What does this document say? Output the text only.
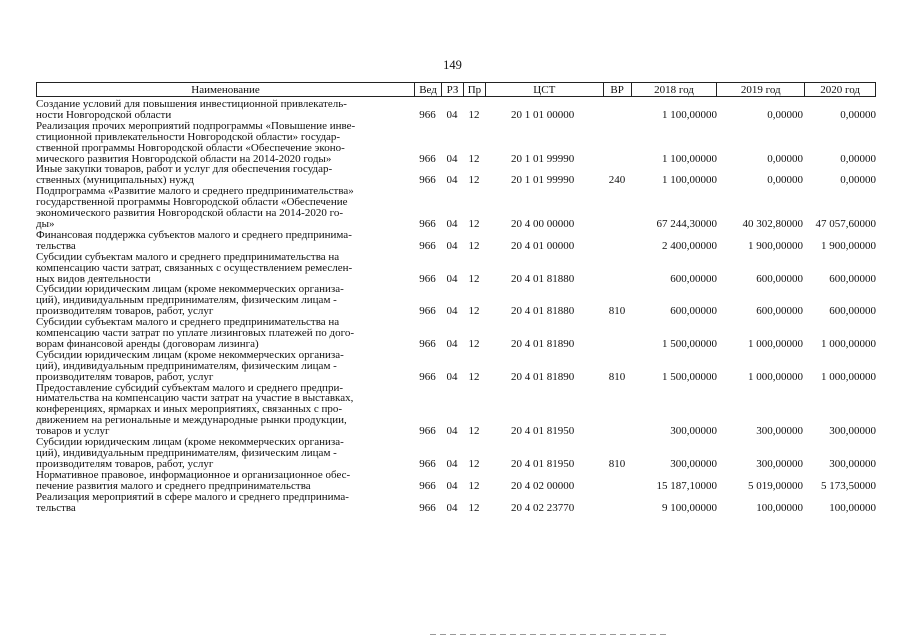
149
Наименование	Вед РЗ Пр	ЦСТ	ВР	2018 год	2019 год	2020 год
Создание условий для повышения инвестиционной привлекатель-
ности Новгородской области	966 04	12	20 1 01 00000	1 100,00000	0,00000	0,00000
Реализация прочих мероприятий подпрограммы «Повышение инве-
стиционной привлекательности Новгородской области» государ-
ственной программы Новгородской области «Обеспечение эконо-
мического развития Новгородской области на 2014-2020 годы»	966 04	12	20 1 01 99990	1 100,00000	0,00000	0,00000
Иные закупки товаров, работ и услуг для обеспечения государ-
ственных (муниципальных) нужд	966 04	12	20 1 01 99990	240	1 100,00000	0,00000	0,00000
Подпрограмма «Развитие малого и среднего предпринимательства»
государственной программы Новгородской области «Обеспечение
экономического развития Новгородской области на 2014-2020 го-
ды»	966 04	12	20 4 00 00000	67 244,30000	40 302,80000	47 057,60000
Финансовая поддержка субъектов малого и среднего предпринима-
тельства	966 04	12	20 4 01 00000	2 400,00000	1 900,00000	1 900,00000
Субсидии субъектам малого и среднего предпринимательства на
компенсацию части затрат, связанных с осуществлением ремеслен-
ных видов деятельности	966 04	12	20 4 01 81880	600,00000	600,00000	600,00000
Субсидии юридическим лицам (кроме некоммерческих организа-
ций), индивидуальным предпринимателям, физическим лицам -
производителям товаров, работ, услуг	966 04	12	20 4 01 81880	810	600,00000	600,00000	600,00000
Субсидии субъектам малого и среднего предпринимательства на
компенсацию части затрат по уплате лизинговых платежей по дого-
ворам финансовой аренды (договорам лизинга)	966 04	12	20 4 01 81890	1 500,00000	1 000,00000	1 000,00000
Субсидии юридическим лицам (кроме некоммерческих организа-
ций), индивидуальным предпринимателям, физическим лицам -
производителям товаров, работ, услуг	966 04	12	20 4 01 81890	810	1 500,00000	1 000,00000	1 000,00000
Предоставление субсидий субъектам малого и среднего предпри-
нимательства на компенсацию части затрат на участие в выставках,
конференциях, ярмарках и иных мероприятиях, связанных с про-
движением на региональные и международные рынки продукции,
товаров и услуг	966 04	12	20 4 01 81950	300,00000	300,00000	300,00000
Субсидии юридическим лицам (кроме некоммерческих организа-
ций), индивидуальным предпринимателям, физическим лицам -
производителям товаров, работ, услуг	966 04	12	20 4 01 81950	810	300,00000	300,00000	300,00000
Нормативное правовое, информационное и организационное обес-
печение развития малого и среднего предпринимательства	966 04	12	20 4 02 00000	15 187,10000	5 019,00000	5 173,50000
Реализация мероприятий в сфере малого и среднего предпринима-
тельства	966 04	12	20 4 02 23770	9 100,00000	100,00000	100,00000
